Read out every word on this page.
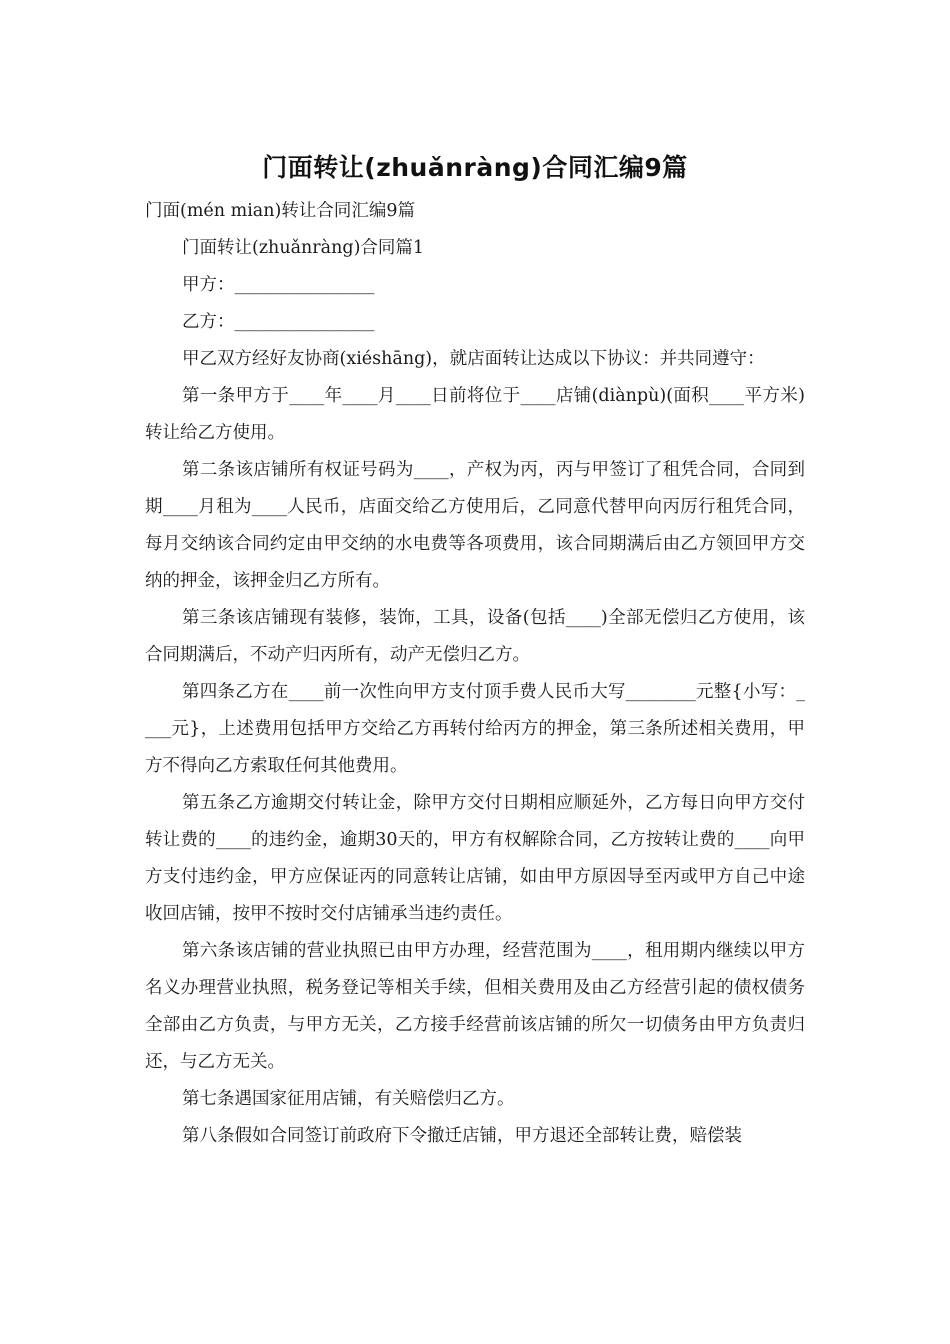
门面转让(zhuǎnràng)合同汇编9篇

门面(mén mian)转让合同汇编9篇

门面转让(zhuǎnràng)合同篇1

甲方：________________

乙方：________________

甲乙双方经好友协商(xiéshāng)，就店面转让达成以下协议：并共同遵守：

第一条甲方于____年____月____日前将位于____店铺(diànpù)(面积____平方米)转让给乙方使用。

第二条该店铺所有权证号码为____，产权为丙，丙与甲签订了租凭合同，合同到期____月租为____人民币，店面交给乙方使用后，乙同意代替甲向丙厉行租凭合同，每月交纳该合同约定由甲交纳的水电费等各项费用，该合同期满后由乙方领回甲方交纳的押金，该押金归乙方所有。

第三条该店铺现有装修，装饰，工具，设备(包括____)全部无偿归乙方使用，该合同期满后，不动产归丙所有，动产无偿归乙方。

第四条乙方在____前一次性向甲方支付顶手费人民币大写________元整{小写：____元}，上述费用包括甲方交给乙方再转付给丙方的押金，第三条所述相关费用，甲方不得向乙方索取任何其他费用。

第五条乙方逾期交付转让金，除甲方交付日期相应顺延外，乙方每日向甲方交付转让费的____的违约金，逾期30天的，甲方有权解除合同，乙方按转让费的____向甲方支付违约金，甲方应保证丙的同意转让店铺，如由甲方原因导至丙或甲方自己中途收回店铺，按甲不按时交付店铺承当违约责任。

第六条该店铺的营业执照已由甲方办理，经营范围为____，租用期内继续以甲方名义办理营业执照，税务登记等相关手续，但相关费用及由乙方经营引起的债权债务全部由乙方负责，与甲方无关，乙方接手经营前该店铺的所欠一切债务由甲方负责归还，与乙方无关。

第七条遇国家征用店铺，有关赔偿归乙方。

第八条假如合同签订前政府下令撤迁店铺，甲方退还全部转让费，赔偿装
